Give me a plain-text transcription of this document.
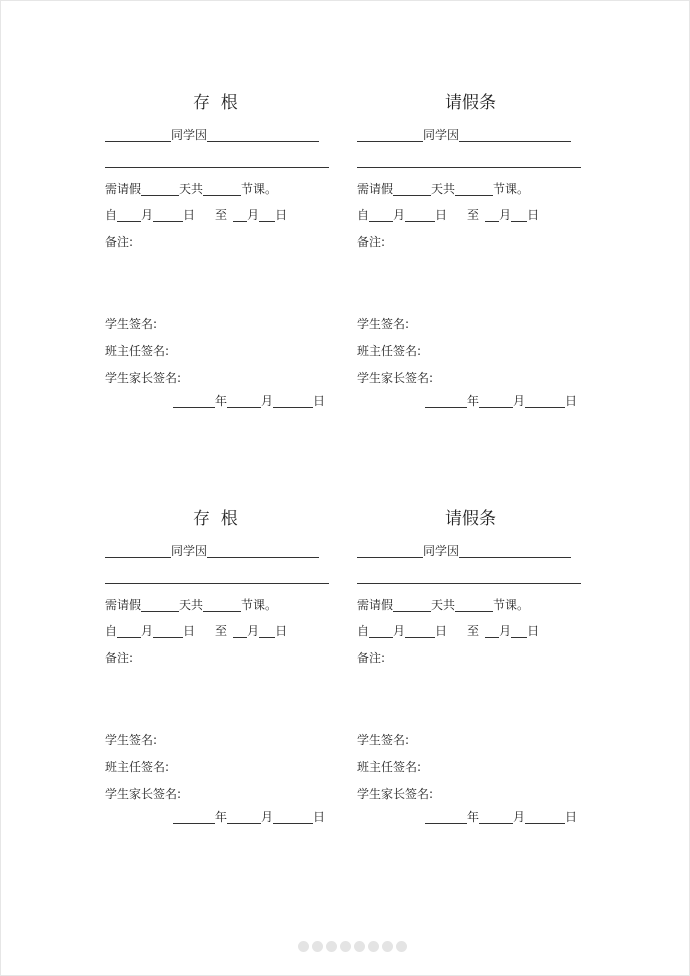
存  根
同学因
需请假	天共	节课。
自 月	日 至 月 日
备注:
学生签名:
班主任签名:
学生家长签名:
年	月	日
请假条
同学因
需请假	天共	节课。
自 月	日 至 月 日
备注:
学生签名:
班主任签名:
学生家长签名:
年	月	日
存  根
同学因
需请假	天共	节课。
自 月	日 至 月 日
备注:
学生签名:
班主任签名:
学生家长签名:
年	月	日
请假条
同学因
需请假	天共	节课。
自 月	日 至 月 日
备注:
学生签名:
班主任签名:
学生家长签名:
年	月	日
